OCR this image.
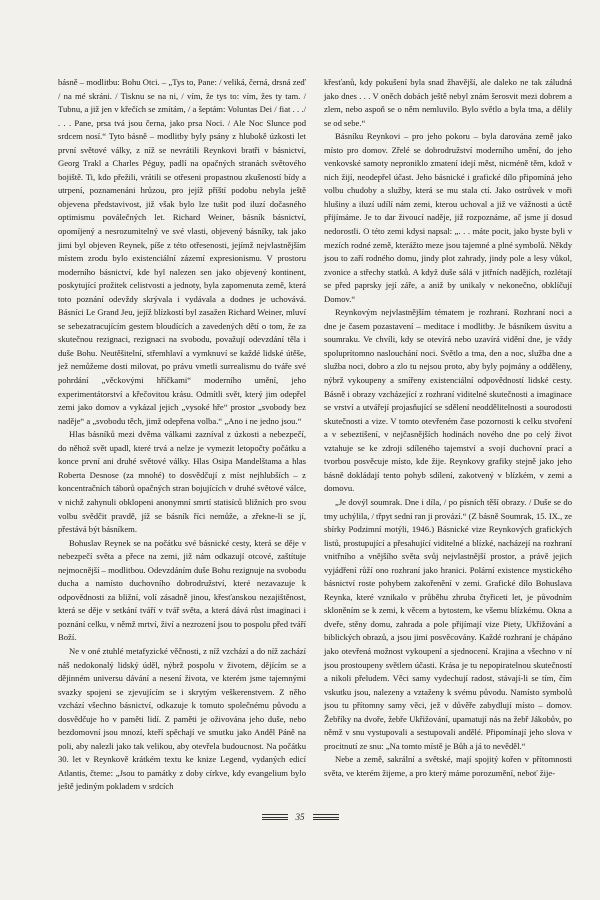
básně – modlitbu: Bohu Otci. – „Tys to, Pane: / veliká, černá, drsná zeď / na mé skráni. / Tisknu se na ni, / vím, že tys to: vím, žes ty tam. / Tubnu, a již jen v křečích se zmítám, / a šeptám: Voluntas Dei / fiat . . ./ . . . Pane, prsa tvá jsou černa, jako prsa Noci. / Ale Noc Slunce pod srdcem nosí.“ Tyto básně – modlitby byly psány z hlubokě úzkosti let první světové války, z níž se nevrátili Reynkovi bratři v básnictví, Georg Trakl a Charles Péguy, padlí na opačných stranách světového bojiště. Ti, kdo přežili, vrátili se otřeseni propastnou zkušeností bídy a utrpení, poznamenáni hrůzou, pro jejíž příští podobu nebyla ještě objevena představivost, již však bylo lze tušit pod iluzí dočasného optimismu poválečných let. Richard Weiner, básník básnictví, opomíjený a nesrozumitelný ve své vlasti, objevený básníky, tak jako jimi byl objeven Reynek, píše z této otřesenosti, jejímž nejvlastnějším místem zrodu bylo existenciální zázemí expresionismu. V prostoru moderního básnictví, kde byl nalezen sen jako objevený kontinent, poskytující prožitek celistvosti a jednoty, byla zapomenuta země, která toto poznání odevždy skrývala i vydávala a dodnes je uchovává. Básníci Le Grand Jeu, jejíž blízkostí byl zasažen Richard Weiner, mluví se sebezatracujícím gestem bloudících a zavedených dětí o tom, že za skutečnou rezignaci, rezignaci na svobodu, považují odevzdání těla i duše Bohu. Neutěšitelní, střemhlaví a vymknuví se každé lidské útěše, jež nemůžeme dosti milovat, po právu vmetli surrealismu do tváře své pohrdání „věckovými hříčkami“ moderního umění, jeho experimentátorství a křečovitou krásu. Odmítli svět, který jim odepřel zemi jako domov a vykázal jejich „vysoké hře“ prostor „svobody bez naděje“ a „svobodu těch, jimž odepřena volba.“ „Ano i ne jedno jsou.“

Hlas básníků mezi dvěma válkami zazníval z úzkosti a nebezpečí, do něhož svět upadl, které trvá a nelze je vymezit letopočty počátku a konce první ani druhé světové války. Hlas Osipa Mandelštama a hlas Roberta Desnose (za mnohé) to dosvědčují z míst nejhlubších – z koncentračních táborů opačných stran bojujících v druhé světové válce, v nichž zahynuli obklopeni anonymní smrtí statisíců bližních pro svou volbu svědčit pravdě, jíž se básník říci nemůže, a zřekne-li se jí, přestává být básníkem.

Bohuslav Reynek se na počátku své básnické cesty, která se děje v nebezpečí světa a přece na zemi, již nám odkazují otcové, zaštítuje nejmocnější – modlitbou. Odevzdáním duše Bohu rezignuje na svobodu ducha a namísto duchovního dobrodružství, které nezavazuje k odpovědnosti za bližní, volí zásadně jinou, křesťanskou nezajištěnost, která se děje v setkání tváří v tvář světa, a která dává růst imaginaci i poznání celku, v němž mrtví, živí a nezrození jsou to pospolu před tváří Boží.

Ne v oné ztuhlé metafyzické věčnosti, z níž vzchází a do níž zachází náš nedokonalý lidský úděl, nýbrž pospolu v životem, dějícím se a dějinném universu dávání a nesení života, ve kterém jsme tajemnými svazky spojeni se zjevujícím se i skrytým veškerenstvem. Z něho vzchází všechno básnictví, odkazuje k tomuto společnému původu a dosvědčuje ho v paměti lidí. Z paměti je oživována jeho duše, nebo bezdomovní jsou mnozí, kteří spěchají ve smutku jako Anděl Páně na poli, aby nalezli jako tak velikou, aby otevřela budoucnost. Na počátku 30. let v Reynkově krátkém textu ke knize Legend, vydaných edicí Atlantis, čteme: „Jsou to památky z doby církve, kdy evangelium bylo ještě jediným pokladem v srdcích

křesťanů, kdy pokušení byla snad žhavější, ale daleko ne tak záludná jako dnes . . . V oněch dobách ještě nebyl znám šerosvit mezi dobrem a zlem, nebo aspoň se o něm nemluvilo. Bylo světlo a byla tma, a dělily se od sebe.“

Básníku Reynkovi – pro jeho pokoru – byla darována země jako místo pro domov. Zřelé se dobrodružství moderního umění, do jeho venkovské samoty neproniklo zmatení idejí měst, nicméně těm, kdož v nich žijí, neodepřel účast. Jeho básnické i grafické dílo připomíná jeho volbu chudoby a služby, která se mu stala ctí. Jako ostrůvek v moři hlušiny a iluzí udílí nám zemi, kterou uchoval a již ve vážnosti a úctě přijímáme. Je to dar živoucí naděje, již rozpoznáme, ač jsme jí dosud nedorostli. O této zemi kdysi napsal: „. . . máte pocit, jako byste byli v mezích rodné země, kterážto meze jsou tajemné a plné symbolů. Někdy jsou to zaří rodného domu, jindy plot zahrady, jindy pole a lesy vůkol, zvonice a střechy statků. A když duše sálá v jitřních nadějích, rozlétají se před paprsky její záře, a aniž by unikaly v nekonečno, obklíčují Domov.“

Reynkovým nejvlastnějším tématem je rozhraní. Rozhraní noci a dne je časem pozastavení – meditace i modlitby. Je básníkem úsvitu a soumraku. Ve chvíli, kdy se otevírá nebo uzavírá vidění dne, je vždy spoluprítomno naslouchání noci. Světlo a tma, den a noc, služba dne a služba noci, dobro a zlo tu nejsou proto, aby byly pojmány a odděleny, nýbrž vykoupeny a smířeny existenciální odpovědností lidské cesty. Básně i obrazy vzcházející z rozhraní viditelné skutečnosti a imaginace se vrství a utvářejí projasňující se sdělení neoddělitelnosti a sourodosti skutečnosti a vize. V tomto otevřeném čase pozornosti k celku stvoření a v sebeztišení, v nejčasnějších hodinách nového dne po celý život vztahuje se ke zdroji sdíleného tajemství a svojí duchovní prací a tvorbou posvěcuje místo, kde žije. Reynkovy grafiky stejně jako jeho básně dokládají tento pohyb sdílení, zakotvený v blízkém, v zemi a domovu.

„Je dovýl soumrak. Dne i díla, / po písních těší obrazy. / Duše se do tmy uchýlila, / třpyt sední ran ji provází.“ (Z básně Soumrak, 15. IX., ze sbírky Podzimní motýli, 1946.) Básnické vize Reynkových grafických listů, prostupující a přesahující viditelné a blízké, nacházejí na rozhraní vnitřního a vnějšího světa svůj nejvlastnější prostor, a právě jejich vyjádření růží ono rozhraní jako hranici. Polární existence mystického básnictví roste pohybem zakořenění v zemi. Grafické dílo Bohuslava Reynka, které vznikalo v průběhu zhruba čtyřiceti let, je původním skloněním se k zemi, k věcem a bytostem, ke všemu blízkému. Okna a dveře, stěny domu, zahrada a pole přijímají vize Piety, Ukřižování a biblických obrazů, a jsou jimi posvěcovány. Každé rozhraní je chápáno jako otevřená možnost vykoupení a sjednocení. Krajina a všechno v ní jsou prostoupeny světlem účasti. Krása je tu nepopiratelnou skutečností a nikoli přeludem. Věci samy vydechují radost, stávají-li se tím, čím vskutku jsou, nalezeny a vztaženy k svému původu. Namísto symbolů jsou tu přítomny samy věci, jež v důvěře zabydlují místo – domov. Žebříky na dvoře, žebře Ukřižování, upamatují nás na žebř Jákobův, po němž v snu vystupovali a sestupovali andělé. Připomínají jeho slova v procitnutí ze snu: „Na tomto místě je Bůh a já to nevěděl.“

Nebe a země, sakrální a světské, mají spojitý kořen v přítomnosti světa, ve kterém žijeme, a pro který máme porozumění, neboť žije-

35
